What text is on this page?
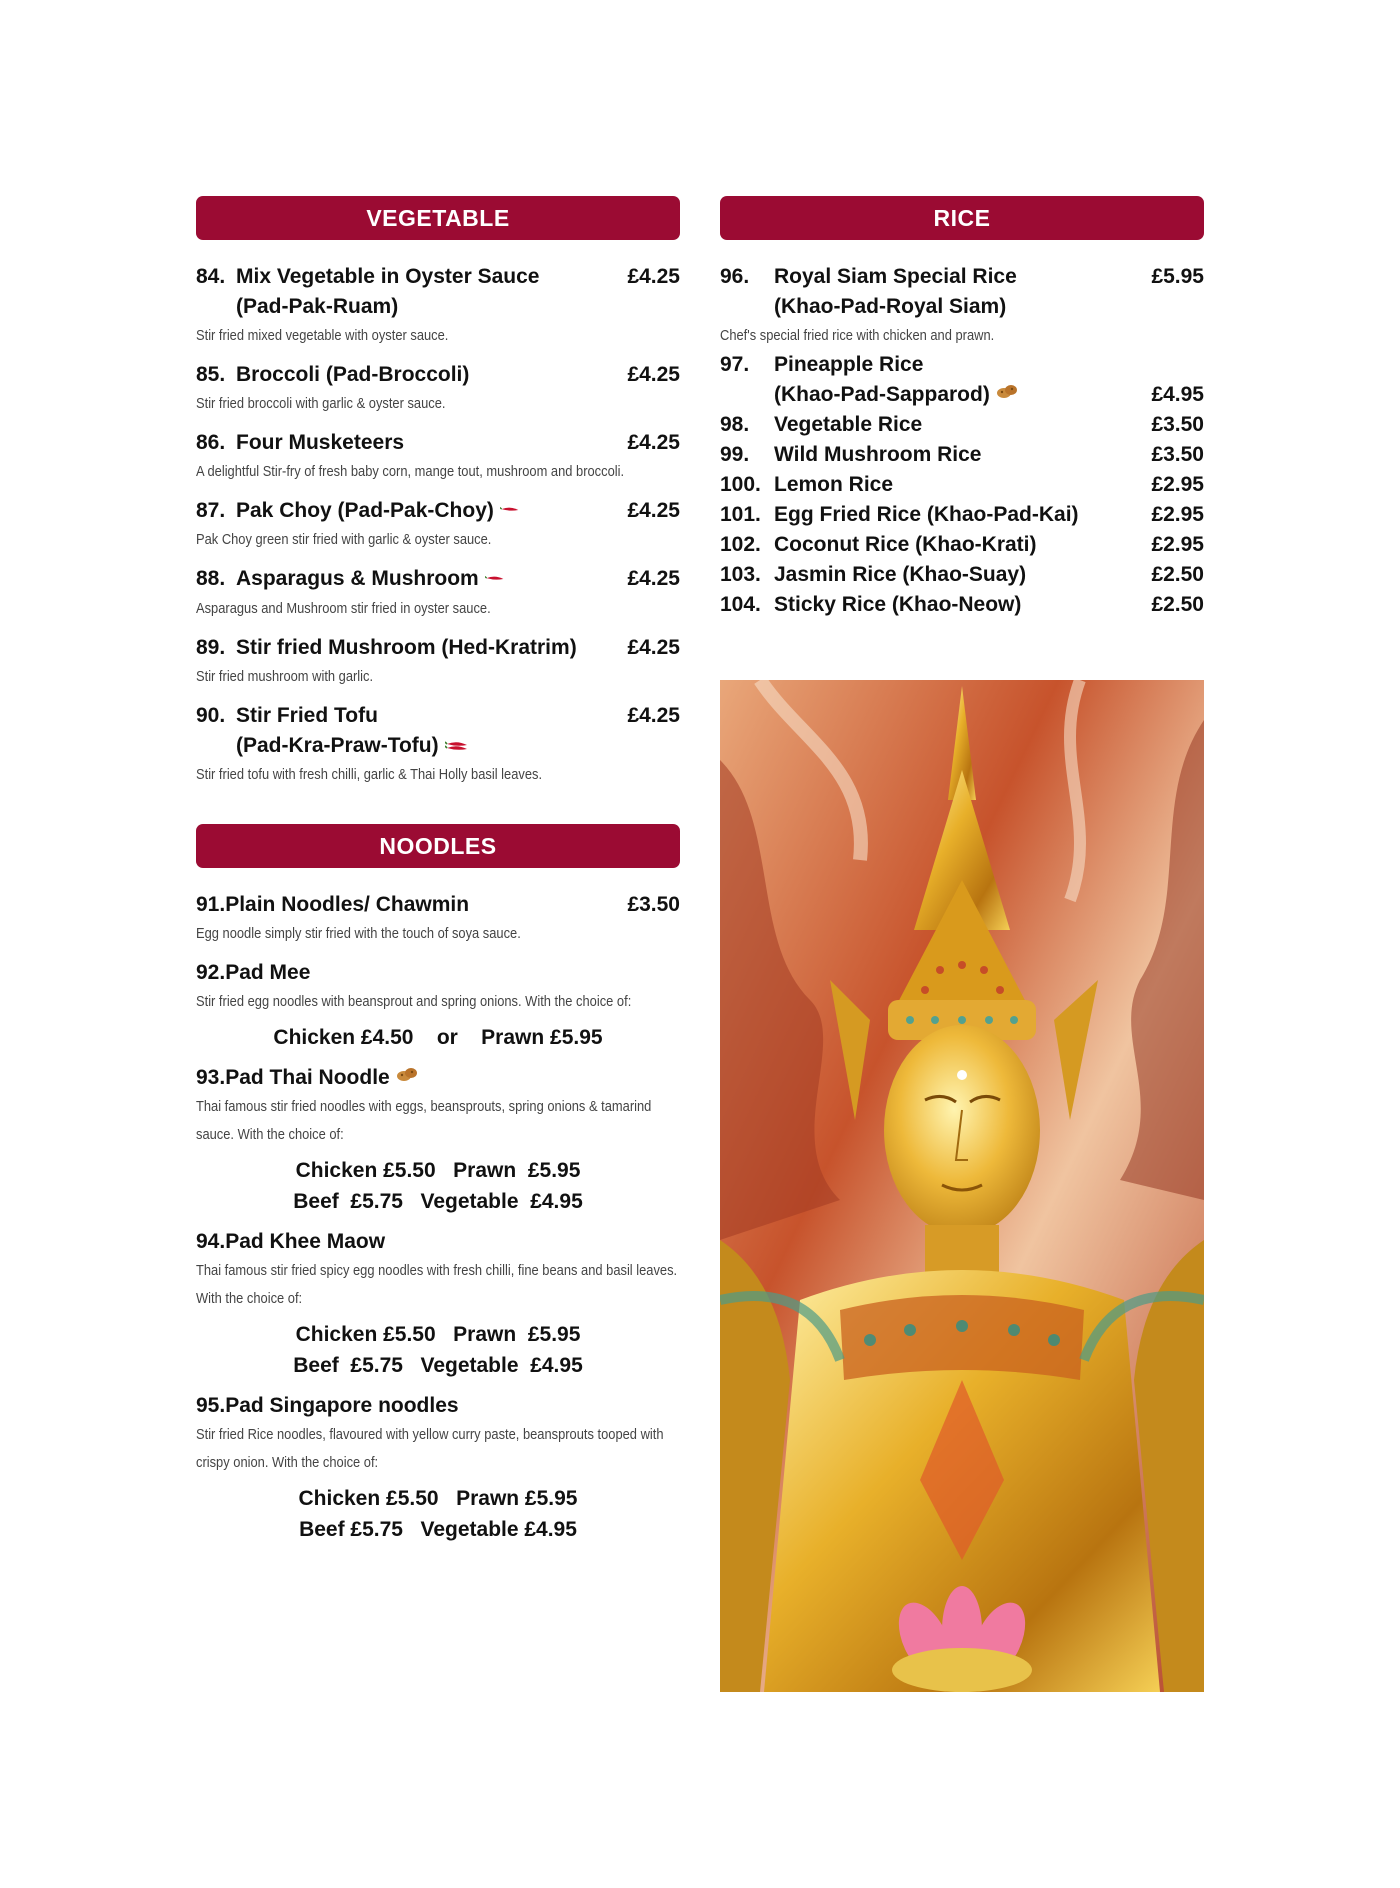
VEGETABLE
84. Mix Vegetable in Oyster Sauce	£4.25
(Pad-Pak-Ruam)
Stir fried mixed vegetable with oyster sauce.
85. Broccoli (Pad-Broccoli)	£4.25
Stir fried broccoli with garlic & oyster sauce.
86. Four Musketeers	£4.25
A delightful Stir-fry of fresh baby corn, mange tout, mushroom and broccoli.
87. Pak Choy (Pad-Pak-Choy)	£4.25
Pak Choy green stir fried with garlic & oyster sauce.
88. Asparagus & Mushroom	£4.25
Asparagus and Mushroom stir fried in oyster sauce.
89. Stir fried Mushroom (Hed-Kratrim)	£4.25
Stir fried mushroom with garlic.
90. Stir Fried Tofu	£4.25
(Pad-Kra-Praw-Tofu)
Stir fried tofu with fresh chilli, garlic & Thai Holly basil leaves.
NOODLES
91. Plain Noodles/ Chawmin	£3.50
Egg noodle simply stir fried with the touch of soya sauce.
92. Pad Mee
Stir fried egg noodles with beansprout and spring onions. With the choice of:
Chicken £4.50    or    Prawn £5.95
93. Pad Thai Noodle
Thai famous stir fried noodles with eggs, beansprouts, spring onions & tamarind sauce. With the choice of:
Chicken £5.50   Prawn  £5.95
Beef  £5.75   Vegetable  £4.95
94. Pad Khee Maow
Thai famous stir fried spicy egg noodles with fresh chilli, fine beans and basil leaves. With the choice of:
Chicken £5.50   Prawn  £5.95
Beef  £5.75   Vegetable  £4.95
95. Pad Singapore noodles
Stir fried Rice noodles, flavoured with yellow curry paste, beansprouts tooped with crispy onion. With the choice of:
Chicken £5.50   Prawn £5.95
Beef £5.75   Vegetable £4.95
RICE
96.	Royal Siam Special Rice	£5.95
(Khao-Pad-Royal Siam)
Chef's special fried rice with chicken and prawn.
97.	Pineapple Rice
(Khao-Pad-Sapparod)	£4.95
98.	Vegetable Rice	£3.50
99.	Wild Mushroom Rice	£3.50
100. Lemon Rice	£2.95
101. Egg Fried Rice (Khao-Pad-Kai)	£2.95
102. Coconut Rice (Khao-Krati)	£2.95
103. Jasmin Rice (Khao-Suay)	£2.50
104. Sticky Rice (Khao-Neow)	£2.50
